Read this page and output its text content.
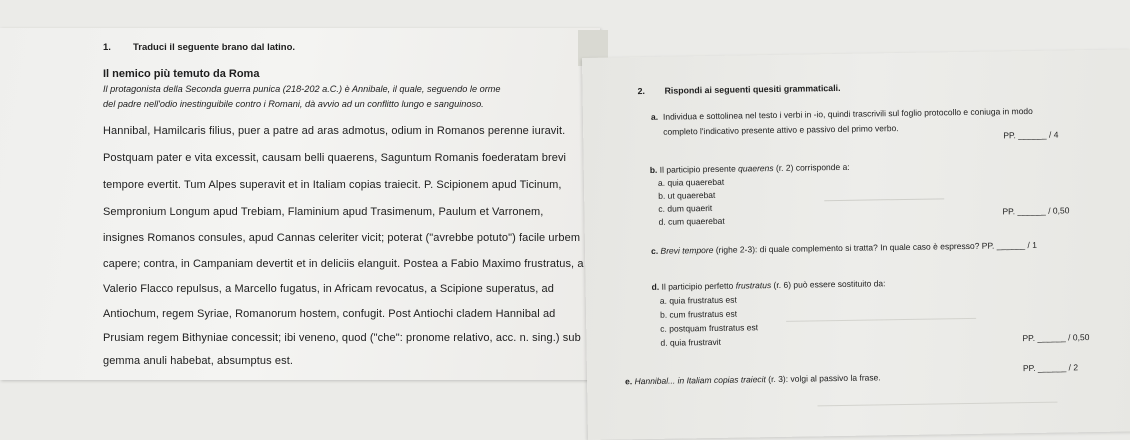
1. Traduci il seguente brano dal latino.
Il nemico più temuto da Roma
Il protagonista della Seconda guerra punica (218-202 a.C.) è Annibale, il quale, seguendo le orme
del padre nell'odio inestinguibile contro i Romani, dà avvio ad un conflitto lungo e sanguinoso.
Hannibal, Hamilcaris filius, puer a patre ad aras admotus, odium in Romanos perenne iuravit.
Postquam pater e vita excessit, causam belli quaerens, Saguntum Romanis foederatam brevi
tempore evertit. Tum Alpes superavit et in Italiam copias traiecit. P. Scipionem apud Ticinum,
Sempronium Longum apud Trebiam, Flaminium apud Trasimenum, Paulum et Varronem,
insignes Romanos consules, apud Cannas celeriter vicit; poterat ("avrebbe potuto") facile urbem
capere; contra, in Campaniam devertit et in deliciis elanguit. Postea a Fabio Maximo frustratus, a
Valerio Flacco repulsus, a Marcello fugatus, in Africam revocatus, a Scipione superatus, ad
Antiochum, regem Syriae, Romanorum hostem, confugit. Post Antiochi cladem Hannibal ad
Prusiam regem Bithyniae concessit; ibi veneno, quod ("che": pronome relativo, acc. n. sing.) sub
gemma anuli habebat, absumptus est.
2. Rispondi ai seguenti quesiti grammaticali.
a. Individua e sottolinea nel testo i verbi in -io, quindi trascrivili sul foglio protocollo e coniuga in modo
completo l'indicativo presente attivo e passivo del primo verbo.	PP. ______ / 4
b. Il participio presente quaerens (r. 2) corrisponde a:
a. quia quaerebat
b. ut quaerebat
c. dum quaerit
d. cum quaerebat
PP. ______ / 0,50
c. Brevi tempore (righe 2-3): di quale complemento si tratta? In quale caso è espresso? PP. ______ / 1
d. Il participio perfetto frustratus (r. 6) può essere sostituito da:
a. quia frustratus est
b. cum frustratus est
c. postquam frustratus est
d. quia frustravit	PP. ______ / 0,50
e. Hannibal... in Italiam copias traiecit (r. 3): volgi al passivo la frase.
PP. ______ / 2
